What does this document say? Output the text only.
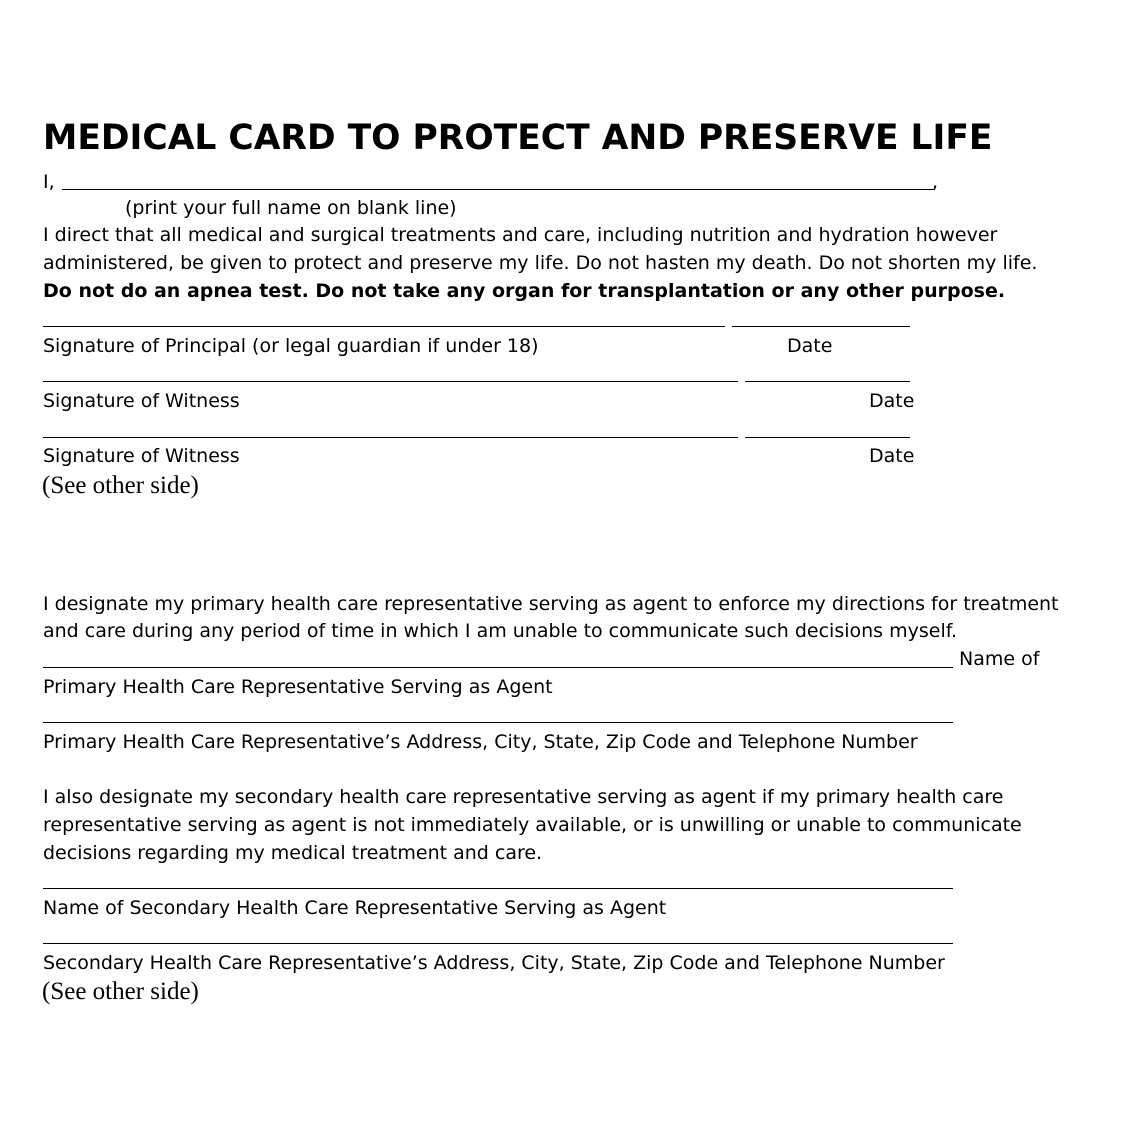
MEDICAL CARD TO PROTECT AND PRESERVE LIFE
I,	,
(print your full name on blank line)
I direct that all medical and surgical treatments and care, including nutrition and hydration however
administered, be given to protect and preserve my life. Do not hasten my death. Do not shorten my life.
Do not do an apnea test. Do not take any organ for transplantation or any other purpose.
Signature of Principal (or legal guardian if under 18)	Date
Signature of Witness	Date
Signature of Witness	Date
(See other side)
I designate my primary health care representative serving as agent to enforce my directions for treatment
and care during any period of time in which I am unable to communicate such decisions myself.
Name of
Primary Health Care Representative Serving as Agent
Primary Health Care Representative’s Address, City, State, Zip Code and Telephone Number
I also designate my secondary health care representative serving as agent if my primary health care
representative serving as agent is not immediately available, or is unwilling or unable to communicate
decisions regarding my medical treatment and care.
Name of Secondary Health Care Representative Serving as Agent
Secondary Health Care Representative’s Address, City, State, Zip Code and Telephone Number
(See other side)
